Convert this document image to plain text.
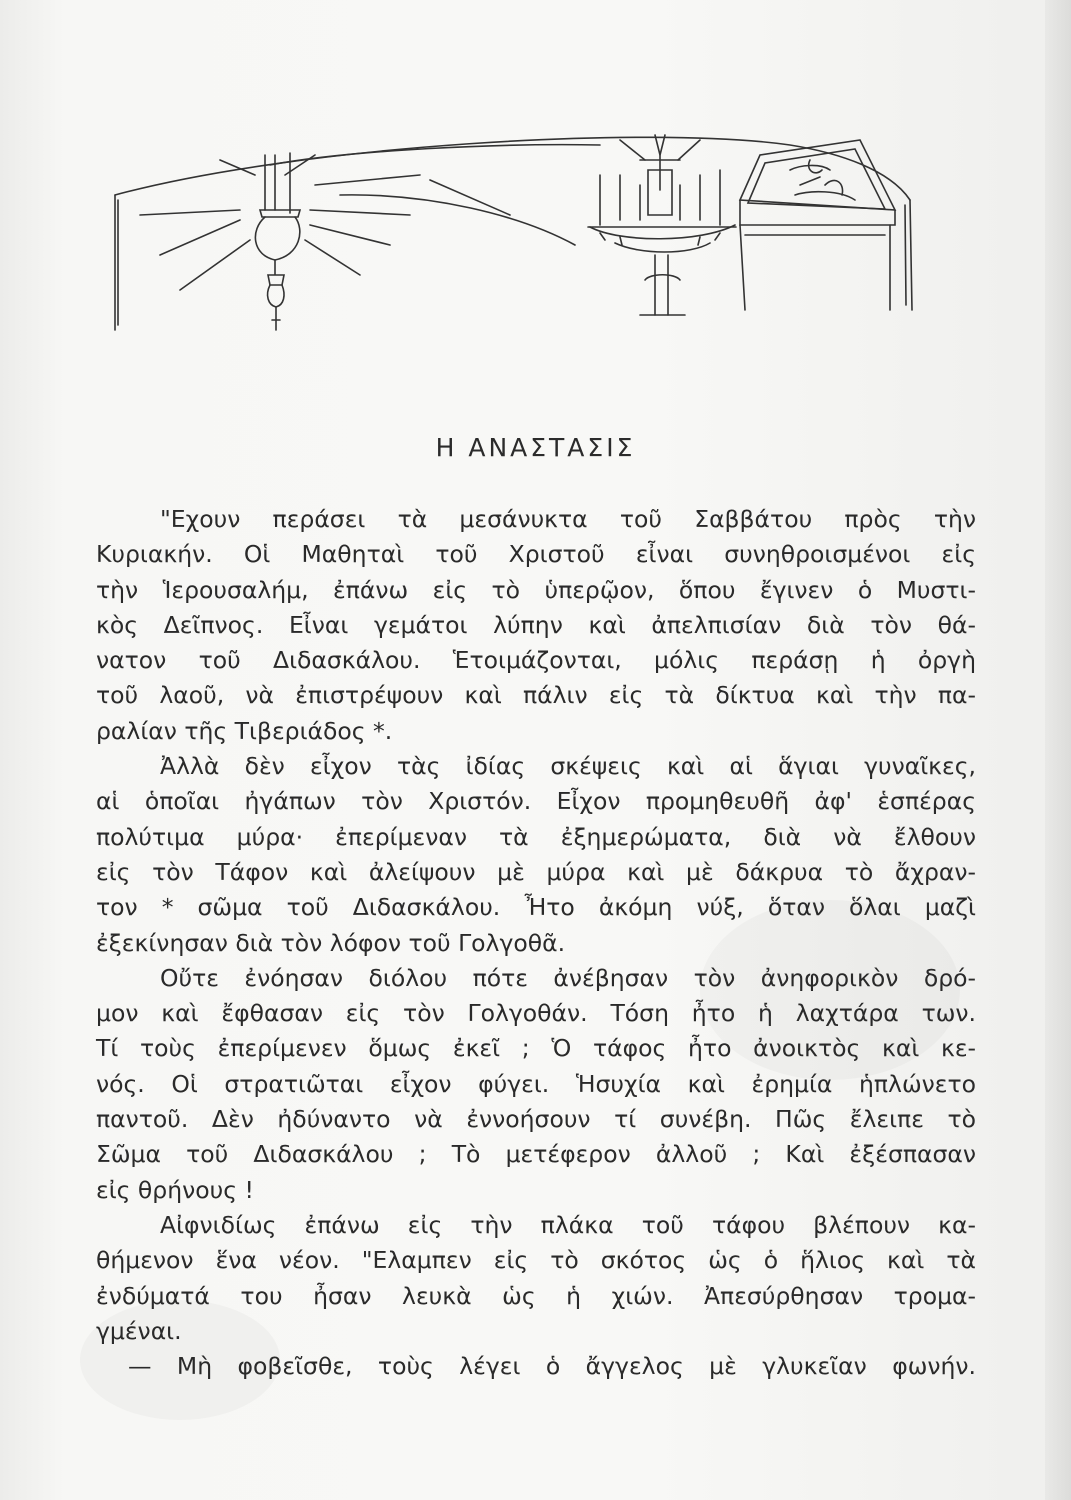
Η ΑΝΑΣΤΑΣΙΣ
"Εχουν περάσει τὰ μεσάνυκτα τοῦ Σαββάτου πρὸς τὴν
Κυριακήν. Οἱ Μαθηταὶ τοῦ Χριστοῦ εἶναι συνηθροισμένοι εἰς
τὴν Ἱερουσαλήμ, ἐπάνω εἰς τὸ ὑπερῷον, ὅπου ἔγινεν ὁ Μυστι-
κὸς Δεῖπνος. Εἶναι γεμάτοι λύπην καὶ ἀπελπισίαν διὰ τὸν θά-
νατον τοῦ Διδασκάλου. Ἑτοιμάζονται, μόλις περάσῃ ἡ ὀργὴ
τοῦ λαοῦ, νὰ ἐπιστρέψουν καὶ πάλιν εἰς τὰ δίκτυα καὶ τὴν πα-
ραλίαν τῆς Τιβεριάδος *.
Ἀλλὰ δὲν εἶχον τὰς ἰδίας σκέψεις καὶ αἱ ἅγιαι γυναῖκες,
αἱ ὁποῖαι ἠγάπων τὸν Χριστόν. Εἶχον προμηθευθῆ ἀφ' ἑσπέρας
πολύτιμα μύρα· ἐπερίμεναν τὰ ἐξημερώματα, διὰ νὰ ἔλθουν
εἰς τὸν Τάφον καὶ ἀλείψουν μὲ μύρα καὶ μὲ δάκρυα τὸ ἄχραν-
τον * σῶμα τοῦ Διδασκάλου. Ἦτο ἀκόμη νύξ, ὅταν ὅλαι μαζὶ
ἐξεκίνησαν διὰ τὸν λόφον τοῦ Γολγοθᾶ.
Οὔτε ἐνόησαν διόλου πότε ἀνέβησαν τὸν ἀνηφορικὸν δρό-
μον καὶ ἔφθασαν εἰς τὸν Γολγοθάν. Τόση ἦτο ἡ λαχτάρα των.
Τί τοὺς ἐπερίμενεν ὅμως ἐκεῖ ; Ὁ τάφος ἦτο ἀνοικτὸς καὶ κε-
νός. Οἱ στρατιῶται εἶχον φύγει. Ἡσυχία καὶ ἐρημία ἡπλώνετο
παντοῦ. Δὲν ἠδύναντο νὰ ἐννοήσουν τί συνέβη. Πῶς ἔλειπε τὸ
Σῶμα τοῦ Διδασκάλου ; Τὸ μετέφερον ἀλλοῦ ; Καὶ ἐξέσπασαν
εἰς θρήνους !
Αἰφνιδίως ἐπάνω εἰς τὴν πλάκα τοῦ τάφου βλέπουν κα-
θήμενον ἕνα νέον. "Ελαμπεν εἰς τὸ σκότος ὡς ὁ ἥλιος καὶ τὰ
ἐνδύματά του ἦσαν λευκὰ ὡς ἡ χιών. Ἀπεσύρθησαν τρομα-
γμέναι.
— Μὴ φοβεῖσθε, τοὺς λέγει ὁ ἄγγελος μὲ γλυκεῖαν φωνήν.
